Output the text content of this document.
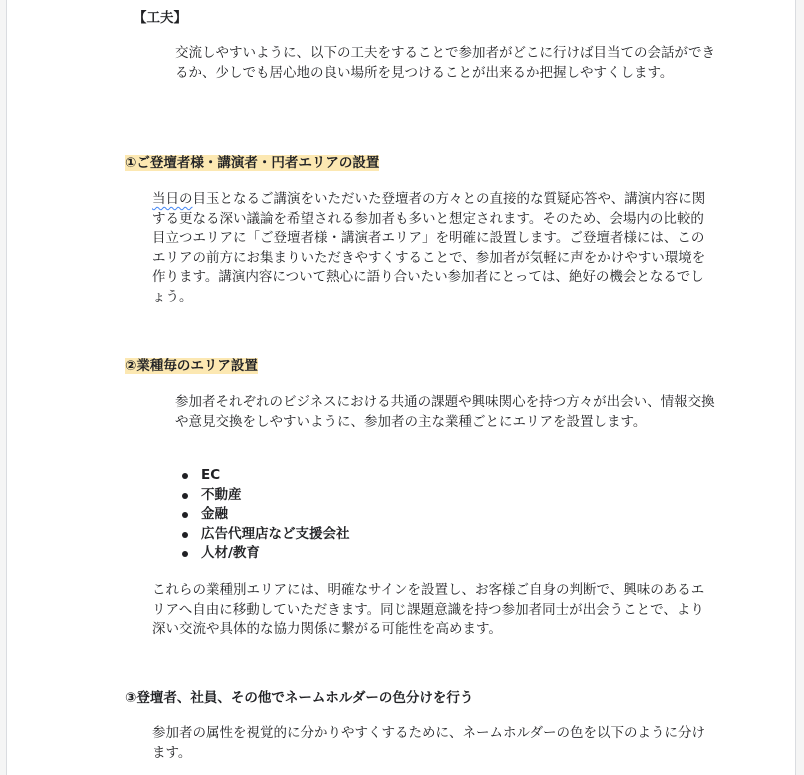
【工夫】

交流しやすいように、以下の工夫をすることで参加者がどこに行けば目当ての会話ができるか、少しでも居心地の良い場所を見つけることが出来るか把握しやすくします。

①ご登壇者様・講演者・円者エリアの設置

当日の目玉となるご講演をいただいた登壇者の方々との直接的な質疑応答や、講演内容に関する更なる深い議論を希望される参加者も多いと想定されます。そのため、会場内の比較的目立つエリアに「ご登壇者様・講演者エリア」を明確に設置します。ご登壇者様には、このエリアの前方にお集まりいただきやすくすることで、参加者が気軽に声をかけやすい環境を作ります。講演内容について熱心に語り合いたい参加者にとっては、絶好の機会となるでしょう。

②業種毎のエリア設置

参加者それぞれのビジネスにおける共通の課題や興味関心を持つ方々が出会い、情報交換や意見交換をしやすいように、参加者の主な業種ごとにエリアを設置します。

EC
不動産
金融
広告代理店など支援会社
人材/教育

これらの業種別エリアには、明確なサインを設置し、お客様ご自身の判断で、興味のあるエリアへ自由に移動していただきます。同じ課題意識を持つ参加者同士が出会うことで、より深い交流や具体的な協力関係に繋がる可能性を高めます。

③登壇者、社員、その他でネームホルダーの色分けを行う

参加者の属性を視覚的に分かりやすくするために、ネームホルダーの色を以下のように分けます。
